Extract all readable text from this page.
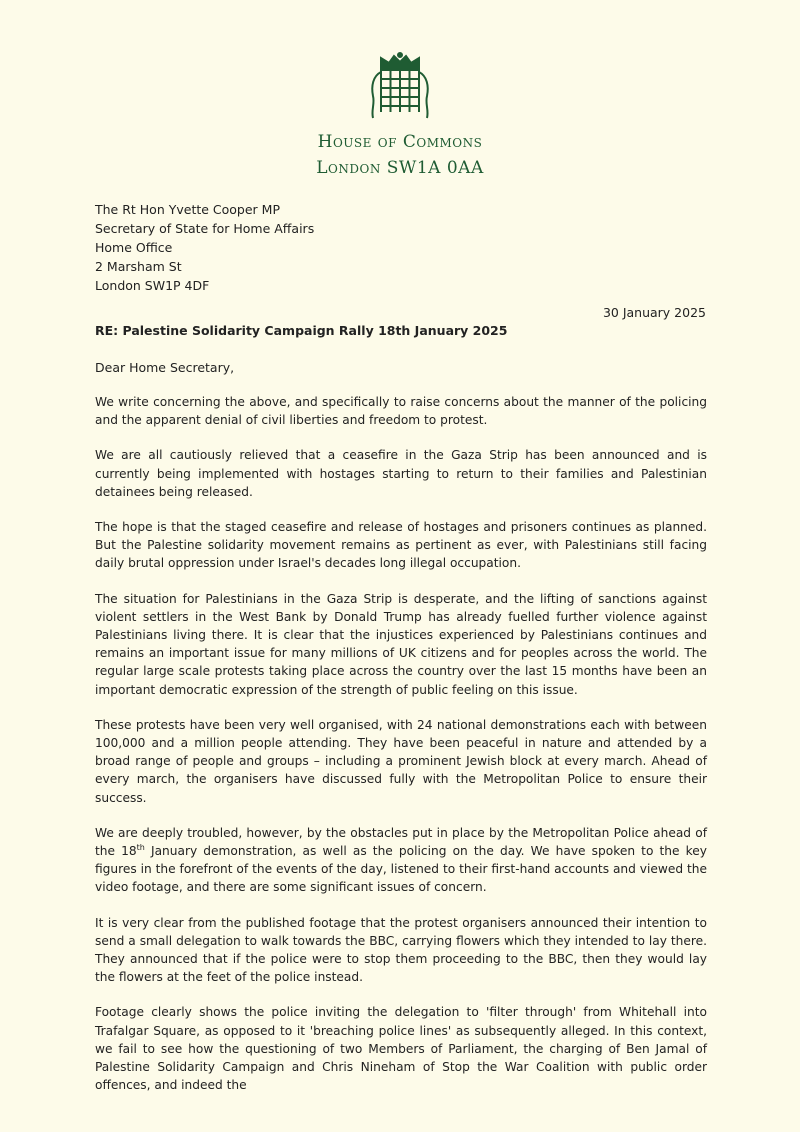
House of Commons
London SW1A 0AA
The Rt Hon Yvette Cooper MP
Secretary of State for Home Affairs
Home Office
2 Marsham St
London SW1P 4DF
30 January 2025
RE: Palestine Solidarity Campaign Rally 18th January 2025
Dear Home Secretary,

We write concerning the above, and specifically to raise concerns about the manner of the policing and the apparent denial of civil liberties and freedom to protest.

We are all cautiously relieved that a ceasefire in the Gaza Strip has been announced and is currently being implemented with hostages starting to return to their families and Palestinian detainees being released.

The hope is that the staged ceasefire and release of hostages and prisoners continues as planned. But the Palestine solidarity movement remains as pertinent as ever, with Palestinians still facing daily brutal oppression under Israel's decades long illegal occupation.

The situation for Palestinians in the Gaza Strip is desperate, and the lifting of sanctions against violent settlers in the West Bank by Donald Trump has already fuelled further violence against Palestinians living there. It is clear that the injustices experienced by Palestinians continues and remains an important issue for many millions of UK citizens and for peoples across the world. The regular large scale protests taking place across the country over the last 15 months have been an important democratic expression of the strength of public feeling on this issue.

These protests have been very well organised, with 24 national demonstrations each with between 100,000 and a million people attending. They have been peaceful in nature and attended by a broad range of people and groups – including a prominent Jewish block at every march. Ahead of every march, the organisers have discussed fully with the Metropolitan Police to ensure their success.

We are deeply troubled, however, by the obstacles put in place by the Metropolitan Police ahead of the 18th January demonstration, as well as the policing on the day. We have spoken to the key figures in the forefront of the events of the day, listened to their first-hand accounts and viewed the video footage, and there are some significant issues of concern.

It is very clear from the published footage that the protest organisers announced their intention to send a small delegation to walk towards the BBC, carrying flowers which they intended to lay there. They announced that if the police were to stop them proceeding to the BBC, then they would lay the flowers at the feet of the police instead.

Footage clearly shows the police inviting the delegation to 'filter through' from Whitehall into Trafalgar Square, as opposed to it 'breaching police lines' as subsequently alleged. In this context, we fail to see how the questioning of two Members of Parliament, the charging of Ben Jamal of Palestine Solidarity Campaign and Chris Nineham of Stop the War Coalition with public order offences, and indeed the
